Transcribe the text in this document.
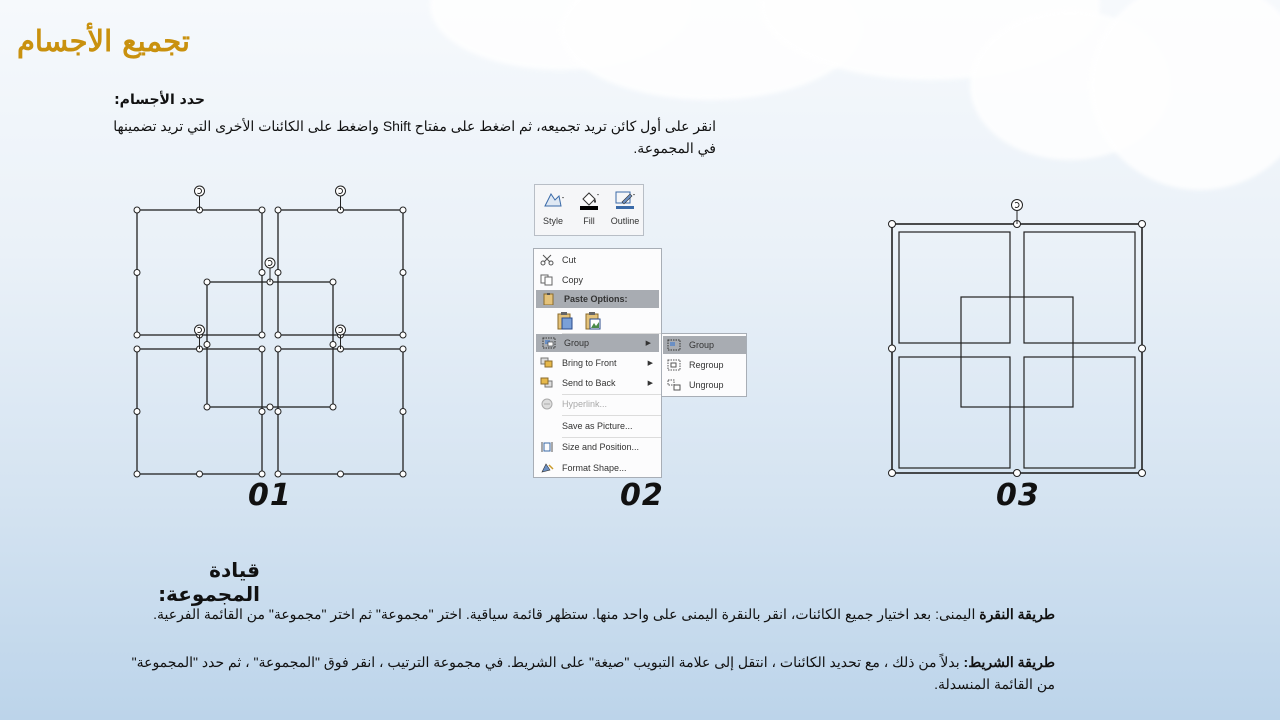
تجميع الأجسام
حدد الأجسام:
انقر على أول كائن تريد تجميعه، ثم اضغط على مفتاح Shift واضغط على الكائنات الأخرى التي تريد تضمينها في المجموعة.
01
Style Fill Outline
Cut
Copy
Paste Options:
Group	▶
Bring to Front	▶
Send to Back	▶
Hyperlink...
Save as Picture...
Size and Position...
Format Shape...
Group
Regroup
Ungroup
02	03
قيادة المجموعة:
طريقة النقرة اليمنى: بعد اختيار جميع الكائنات، انقر بالنقرة اليمنى على واحد منها. ستظهر قائمة سياقية. اختر "مجموعة" ثم اختر "مجموعة" من القائمة الفرعية.
طريقة الشريط: بدلاً من ذلك ، مع تحديد الكائنات ، انتقل إلى علامة التبويب "صيغة" على الشريط. في مجموعة الترتيب ، انقر فوق "المجموعة" ، ثم حدد "المجموعة" من القائمة المنسدلة.
